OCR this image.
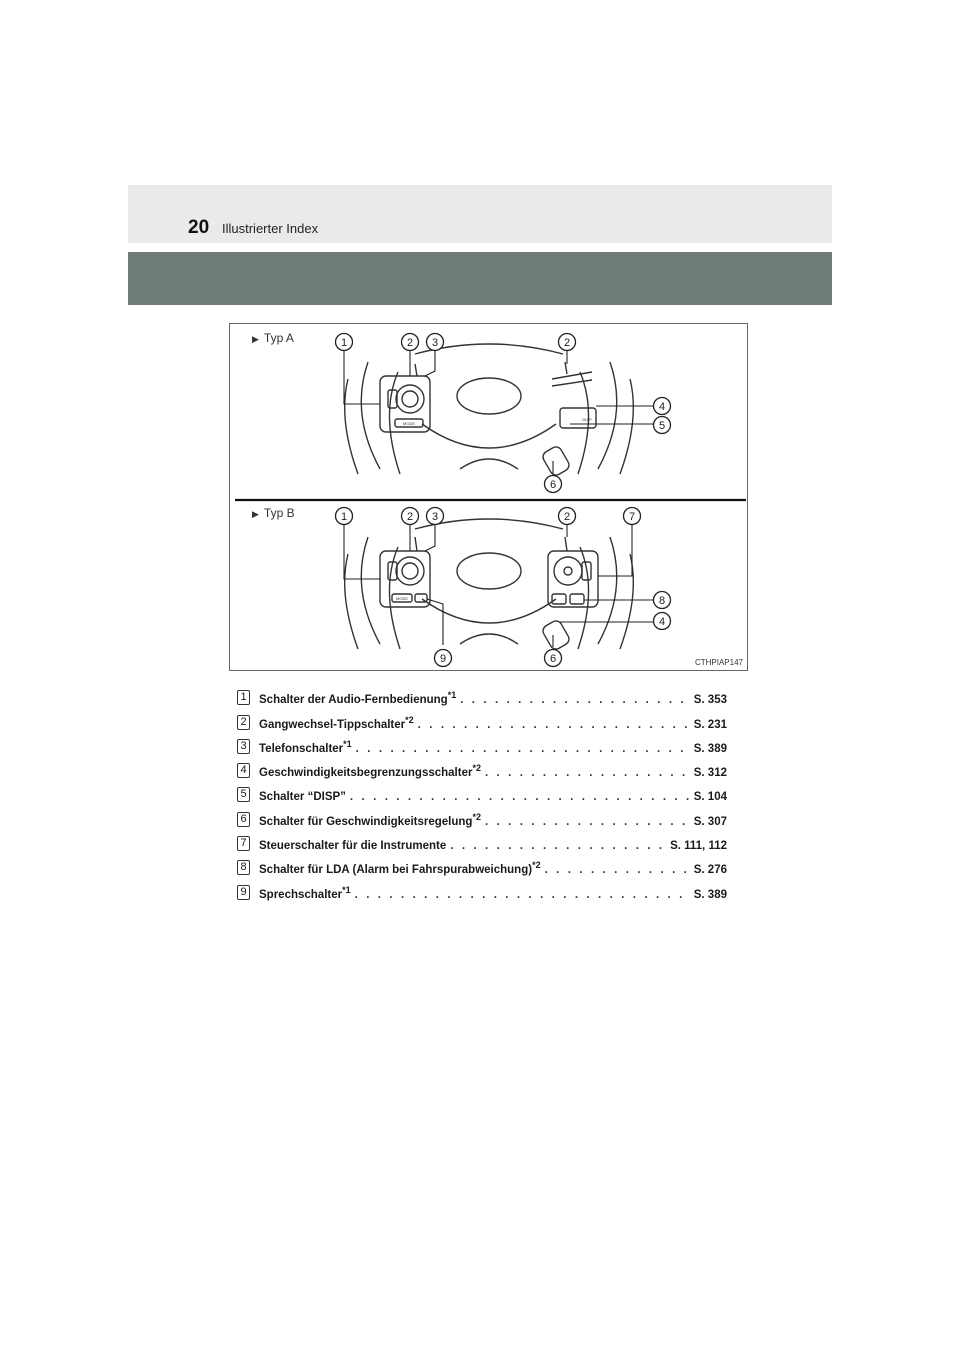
20 Illustrierter Index
1	2 3	2
4
5
6
1	2 3	2	7
8
4
9	6
MODE
DISP
MODE
▶ Typ A
▶ Typ B
CTHPIAP147
1 Schalter der Audio-Fernbedienung$^{*1}$ . . .	S. 353
2 Gangwechsel-Tippschalter$^{*2}$ . . .	S. 231
3 Telefonschalter$^{*1}$ . . .	S. 389
4 Geschwindigkeitsbegrenzungsschalter$^{*2}$ . . .	S. 312
5 Schalter “DISP” . . .	S. 104
6 Schalter für Geschwindigkeitsregelung$^{*2}$ . . .	S. 307
7 Steuerschalter für die Instrumente . . .	S. 111, 112
8 Schalter für LDA (Alarm bei Fahrspurabweichung)$^{*2}$ . . .	S. 276
9 Sprechschalter$^{*1}$ . . .	S. 389
